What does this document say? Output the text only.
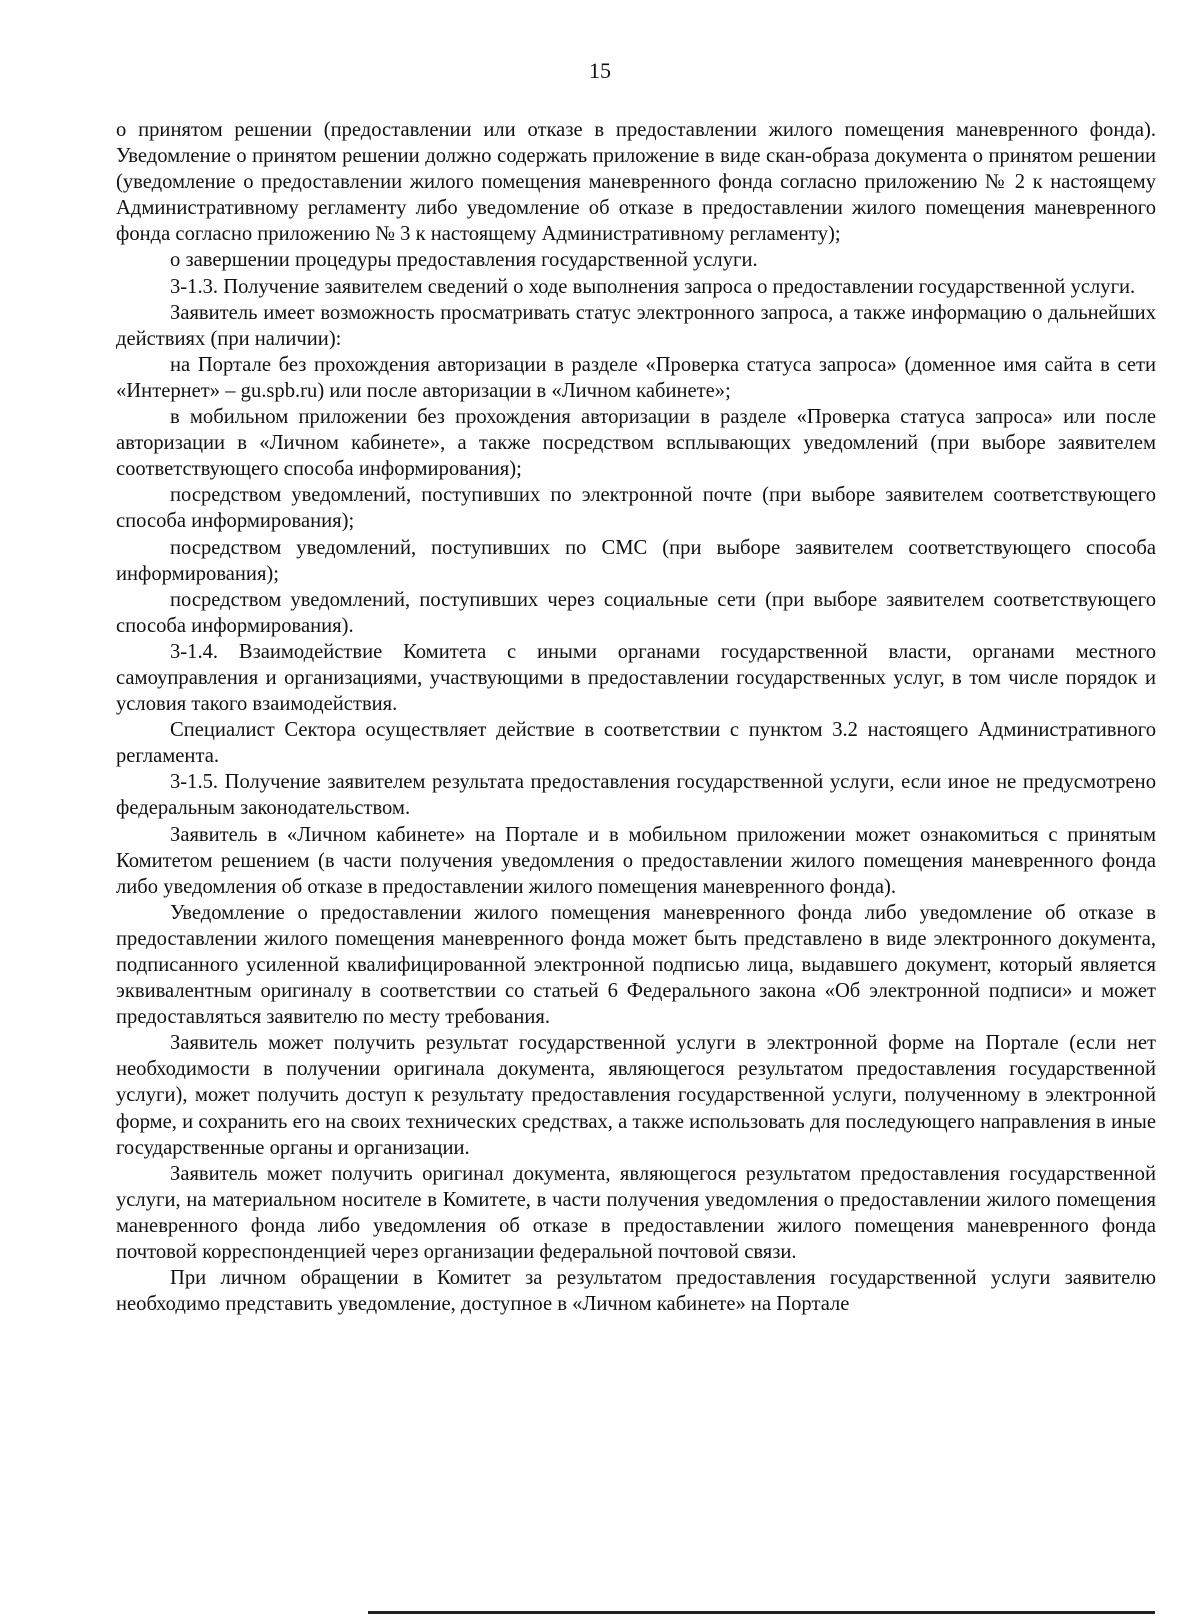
15

о принятом решении (предоставлении или отказе в предоставлении жилого помещения маневренного фонда). Уведомление о принятом решении должно содержать приложение в виде скан-образа документа о принятом решении (уведомление о предоставлении жилого помещения маневренного фонда согласно приложению № 2 к настоящему Административному регламенту либо уведомление об отказе в предоставлении жилого помещения маневренного фонда согласно приложению № 3 к настоящему Административному регламенту);

о завершении процедуры предоставления государственной услуги.

3-1.3. Получение заявителем сведений о ходе выполнения запроса о предоставлении государственной услуги.

Заявитель имеет возможность просматривать статус электронного запроса, а также информацию о дальнейших действиях (при наличии):

на Портале без прохождения авторизации в разделе «Проверка статуса запроса» (доменное имя сайта в сети «Интернет» – gu.spb.ru) или после авторизации в «Личном кабинете»;

в мобильном приложении без прохождения авторизации в разделе «Проверка статуса запроса» или после авторизации в «Личном кабинете», а также посредством всплывающих уведомлений (при выборе заявителем соответствующего способа информирования);

посредством уведомлений, поступивших по электронной почте (при выборе заявителем соответствующего способа информирования);

посредством уведомлений, поступивших по СМС (при выборе заявителем соответствующего способа информирования);

посредством уведомлений, поступивших через социальные сети (при выборе заявителем соответствующего способа информирования).

3-1.4. Взаимодействие Комитета с иными органами государственной власти, органами местного самоуправления и организациями, участвующими в предоставлении государственных услуг, в том числе порядок и условия такого взаимодействия.

Специалист Сектора осуществляет действие в соответствии с пунктом 3.2 настоящего Административного регламента.

3-1.5. Получение заявителем результата предоставления государственной услуги, если иное не предусмотрено федеральным законодательством.

Заявитель в «Личном кабинете» на Портале и в мобильном приложении может ознакомиться с принятым Комитетом решением (в части получения уведомления о предоставлении жилого помещения маневренного фонда либо уведомления об отказе в предоставлении жилого помещения маневренного фонда).

Уведомление о предоставлении жилого помещения маневренного фонда либо уведомление об отказе в предоставлении жилого помещения маневренного фонда может быть представлено в виде электронного документа, подписанного усиленной квалифицированной электронной подписью лица, выдавшего документ, который является эквивалентным оригиналу в соответствии со статьей 6 Федерального закона «Об электронной подписи» и может предоставляться заявителю по месту требования.

Заявитель может получить результат государственной услуги в электронной форме на Портале (если нет необходимости в получении оригинала документа, являющегося результатом предоставления государственной услуги), может получить доступ к результату предоставления государственной услуги, полученному в электронной форме, и сохранить его на своих технических средствах, а также использовать для последующего направления в иные государственные органы и организации.

Заявитель может получить оригинал документа, являющегося результатом предоставления государственной услуги, на материальном носителе в Комитете, в части получения уведомления о предоставлении жилого помещения маневренного фонда либо уведомления об отказе в предоставлении жилого помещения маневренного фонда почтовой корреспонденцией через организации федеральной почтовой связи.

При личном обращении в Комитет за результатом предоставления государственной услуги заявителю необходимо представить уведомление, доступное в «Личном кабинете» на Портале
